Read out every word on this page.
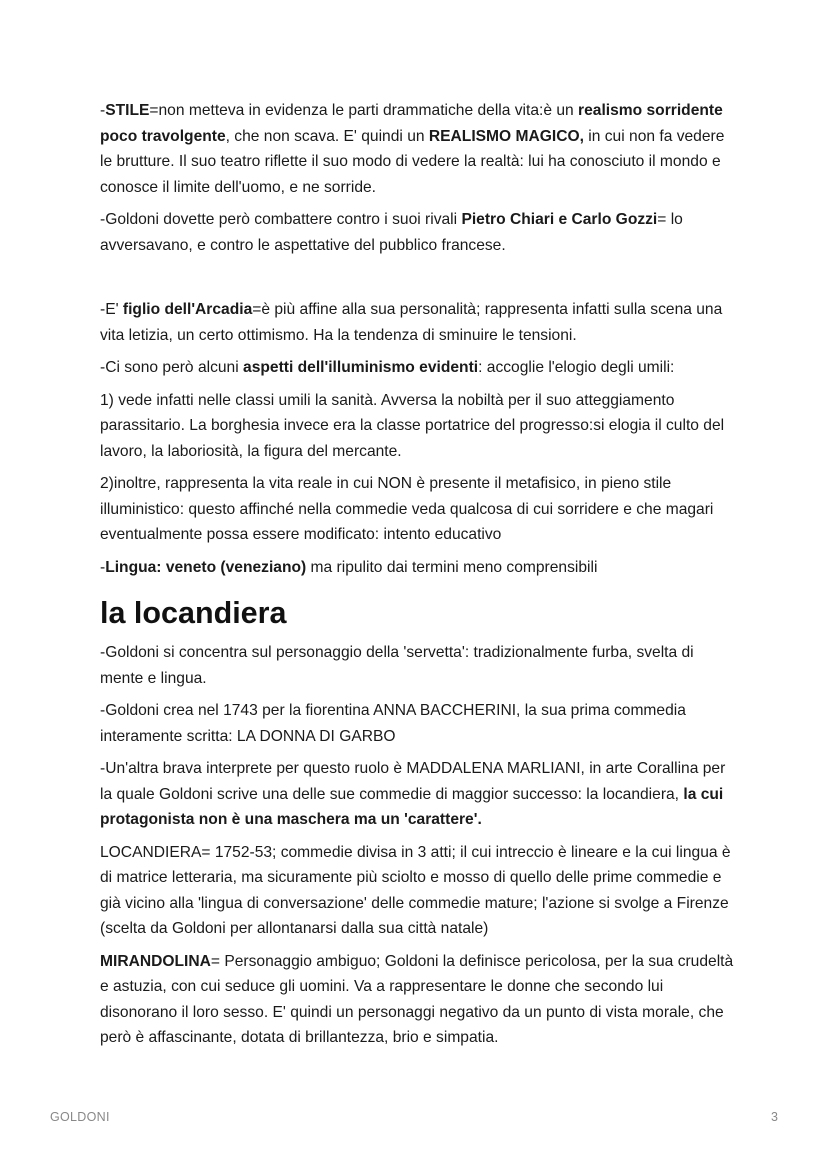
-STILE=non metteva in evidenza le parti drammatiche della vita:è un realismo sorridente poco travolgente, che non scava. E' quindi un REALISMO MAGICO, in cui non fa vedere le brutture. Il suo teatro riflette il suo modo di vedere la realtà: lui ha conosciuto il mondo e conosce il limite dell'uomo, e ne sorride.

-Goldoni dovette però combattere contro i suoi rivali Pietro Chiari e Carlo Gozzi= lo avversavano, e contro le aspettative del pubblico francese.

-E' figlio dell'Arcadia=è più affine alla sua personalità; rappresenta infatti sulla scena una vita letizia, un certo ottimismo. Ha la tendenza di sminuire le tensioni.

-Ci sono però alcuni aspetti dell'illuminismo evidenti: accoglie l'elogio degli umili:

1) vede infatti nelle classi umili la sanità. Avversa la nobiltà per il suo atteggiamento parassitario. La borghesia invece era la classe portatrice del progresso:si elogia il culto del lavoro, la laboriosità, la figura del mercante.

2)inoltre, rappresenta la vita reale in cui NON è presente il metafisico, in pieno stile illuministico: questo affinché nella commedie veda qualcosa di cui sorridere e che magari eventualmente possa essere modificato: intento educativo

-Lingua: veneto (veneziano) ma ripulito dai termini meno comprensibili

la locandiera

-Goldoni si concentra sul personaggio della 'servetta': tradizionalmente furba, svelta di mente e lingua.

-Goldoni crea nel 1743 per la fiorentina ANNA BACCHERINI, la sua prima commedia interamente scritta: LA DONNA DI GARBO

-Un'altra brava interprete per questo ruolo è MADDALENA MARLIANI, in arte Corallina per la quale Goldoni scrive una delle sue commedie di maggior successo: la locandiera, la cui protagonista non è una maschera ma un 'carattere'.

LOCANDIERA= 1752-53; commedie divisa in 3 atti; il cui intreccio è lineare e la cui lingua è di matrice letteraria, ma sicuramente più sciolto e mosso di quello delle prime commedie e già vicino alla 'lingua di conversazione' delle commedie mature; l'azione si svolge a Firenze (scelta da Goldoni per allontanarsi dalla sua città natale)

MIRANDOLINA= Personaggio ambiguo; Goldoni la definisce pericolosa, per la sua crudeltà e astuzia, con cui seduce gli uomini. Va a rappresentare le donne che secondo lui disonorano il loro sesso. E' quindi un personaggi negativo da un punto di vista morale, che però è affascinante, dotata di brillantezza, brio e simpatia.

GOLDONI	3
